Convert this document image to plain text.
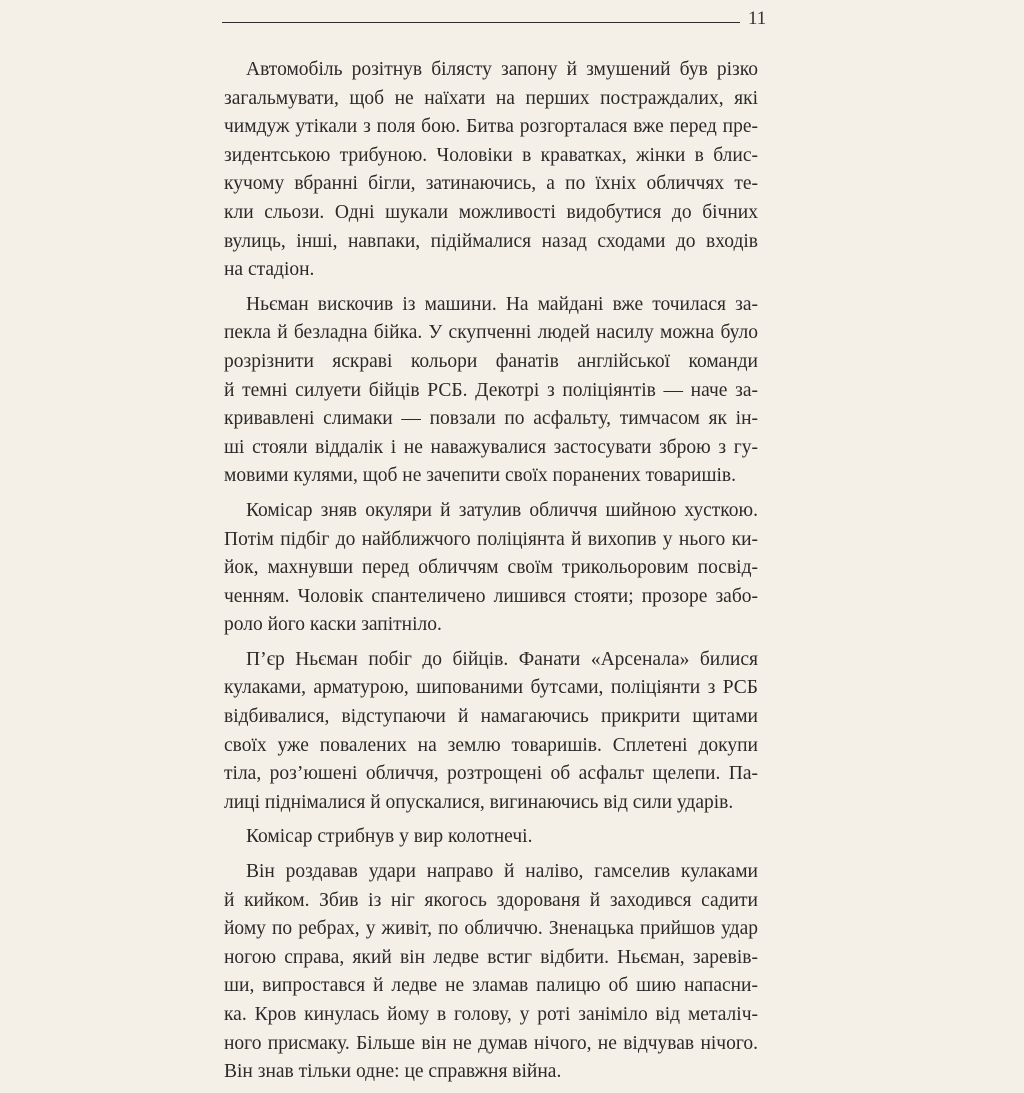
11
Автомобіль розітнув білясту запону й змушений був різко
загальмувати, щоб не наїхати на перших постраждалих, які
чимдуж утікали з поля бою. Битва розгорталася вже перед пре-
зидентською трибуною. Чоловіки в краватках, жінки в блис-
кучому вбранні бігли, затинаючись, а по їхніх обличчях те-
кли сльози. Одні шукали можливості видобутися до бічних
вулиць, інші, навпаки, підіймалися назад сходами до входів
на стадіон.
Ньєман вискочив із машини. На майдані вже точилася за-
пекла й безладна бійка. У скупченні людей насилу можна було
розрізнити яскраві кольори фанатів англійської команди
й темні силуети бійців РСБ. Декотрі з поліціянтів — наче за-
кривавлені слимаки — повзали по асфальту, тимчасом як ін-
ші стояли віддалік і не наважувалися застосувати зброю з гу-
мовими кулями, щоб не зачепити своїх поранених товаришів.
Комісар зняв окуляри й затулив обличчя шийною хусткою.
Потім підбіг до найближчого поліціянта й вихопив у нього ки-
йок, махнувши перед обличчям своїм трикольоровим посвід-
ченням. Чоловік спантеличено лишився стояти; прозоре забо-
роло його каски запітніло.
П’єр Ньєман побіг до бійців. Фанати «Арсенала» билися
кулаками, арматурою, шипованими бутсами, поліціянти з РСБ
відбивалися, відступаючи й намагаючись прикрити щитами
своїх уже повалених на землю товаришів. Сплетені докупи
тіла, роз’юшені обличчя, розтрощені об асфальт щелепи. Па-
лиці піднімалися й опускалися, вигинаючись від сили ударів.
Комісар стрибнув у вир колотнечі.
Він роздавав удари направо й наліво, гамселив кулаками
й кийком. Збив із ніг якогось здорованя й заходився садити
йому по ребрах, у живіт, по обличчю. Зненацька прийшов удар
ногою справа, який він ледве встиг відбити. Ньєман, заревів-
ши, випростався й ледве не зламав палицю об шию напасни-
ка. Кров кинулась йому в голову, у роті заніміло від металіч-
ного присмаку. Більше він не думав нічого, не відчував нічого.
Він знав тільки одне: це справжня війна.
